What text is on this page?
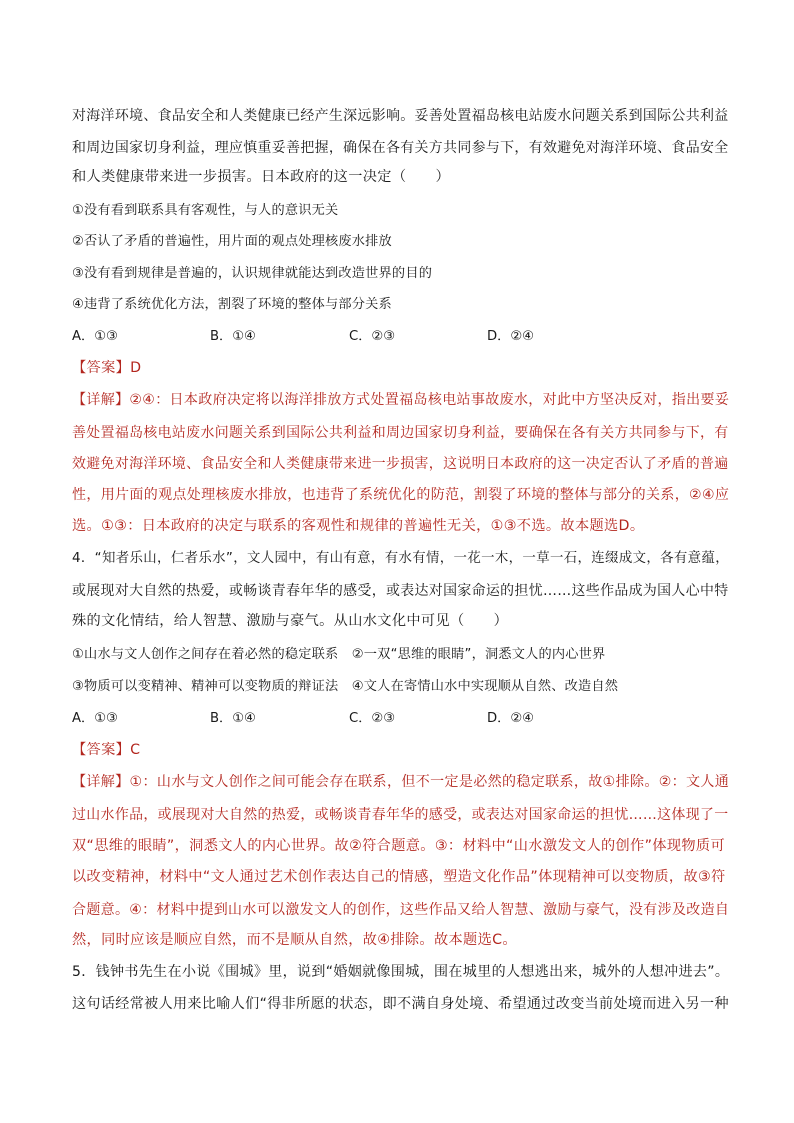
对海洋环境、食品安全和人类健康已经产生深远影响。妥善处置福岛核电站废水问题关系到国际公共利益
和周边国家切身利益，理应慎重妥善把握，确保在各有关方共同参与下，有效避免对海洋环境、食品安全
和人类健康带来进一步损害。日本政府的这一决定（　　）
①没有看到联系具有客观性，与人的意识无关
②否认了矛盾的普遍性，用片面的观点处理核废水排放
③没有看到规律是普遍的，认识规律就能达到改造世界的目的
④违背了系统优化方法，割裂了环境的整体与部分关系
A．①③	B．①④	C．②③	D．②④
【答案】D
【详解】②④：日本政府决定将以海洋排放方式处置福岛核电站事故废水，对此中方坚决反对，指出要妥
善处置福岛核电站废水问题关系到国际公共利益和周边国家切身利益，要确保在各有关方共同参与下，有
效避免对海洋环境、食品安全和人类健康带来进一步损害，这说明日本政府的这一决定否认了矛盾的普遍
性，用片面的观点处理核废水排放，也违背了系统优化的防范，割裂了环境的整体与部分的关系，②④应
选。①③：日本政府的决定与联系的客观性和规律的普遍性无关，①③不选。故本题选D。
4．“知者乐山，仁者乐水”，文人园中，有山有意，有水有情，一花一木，一草一石，连缀成文，各有意蕴，
或展现对大自然的热爱，或畅谈青春年华的感受，或表达对国家命运的担忧……这些作品成为国人心中特
殊的文化情结，给人智慧、激励与豪气。从山水文化中可见（　　）
①山水与文人创作之间存在着必然的稳定联系　②一双“思维的眼睛”，洞悉文人的内心世界
③物质可以变精神、精神可以变物质的辩证法　④文人在寄情山水中实现顺从自然、改造自然
A．①③	B．①④	C．②③	D．②④
【答案】C
【详解】①：山水与文人创作之间可能会存在联系，但不一定是必然的稳定联系，故①排除。②：文人通
过山水作品，或展现对大自然的热爱，或畅谈青春年华的感受，或表达对国家命运的担忧……这体现了一
双“思维的眼睛”，洞悉文人的内心世界。故②符合题意。③：材料中“山水激发文人的创作”体现物质可
以改变精神，材料中“文人通过艺术创作表达自己的情感，塑造文化作品”体现精神可以变物质，故③符
合题意。④：材料中提到山水可以激发文人的创作，这些作品又给人智慧、激励与豪气，没有涉及改造自
然，同时应该是顺应自然，而不是顺从自然，故④排除。故本题选C。
5．钱钟书先生在小说《围城》里，说到“婚姻就像围城，围在城里的人想逃出来，城外的人想冲进去”。
这句话经常被人用来比喻人们“得非所愿的状态，即不满自身处境、希望通过改变当前处境而进入另一种
